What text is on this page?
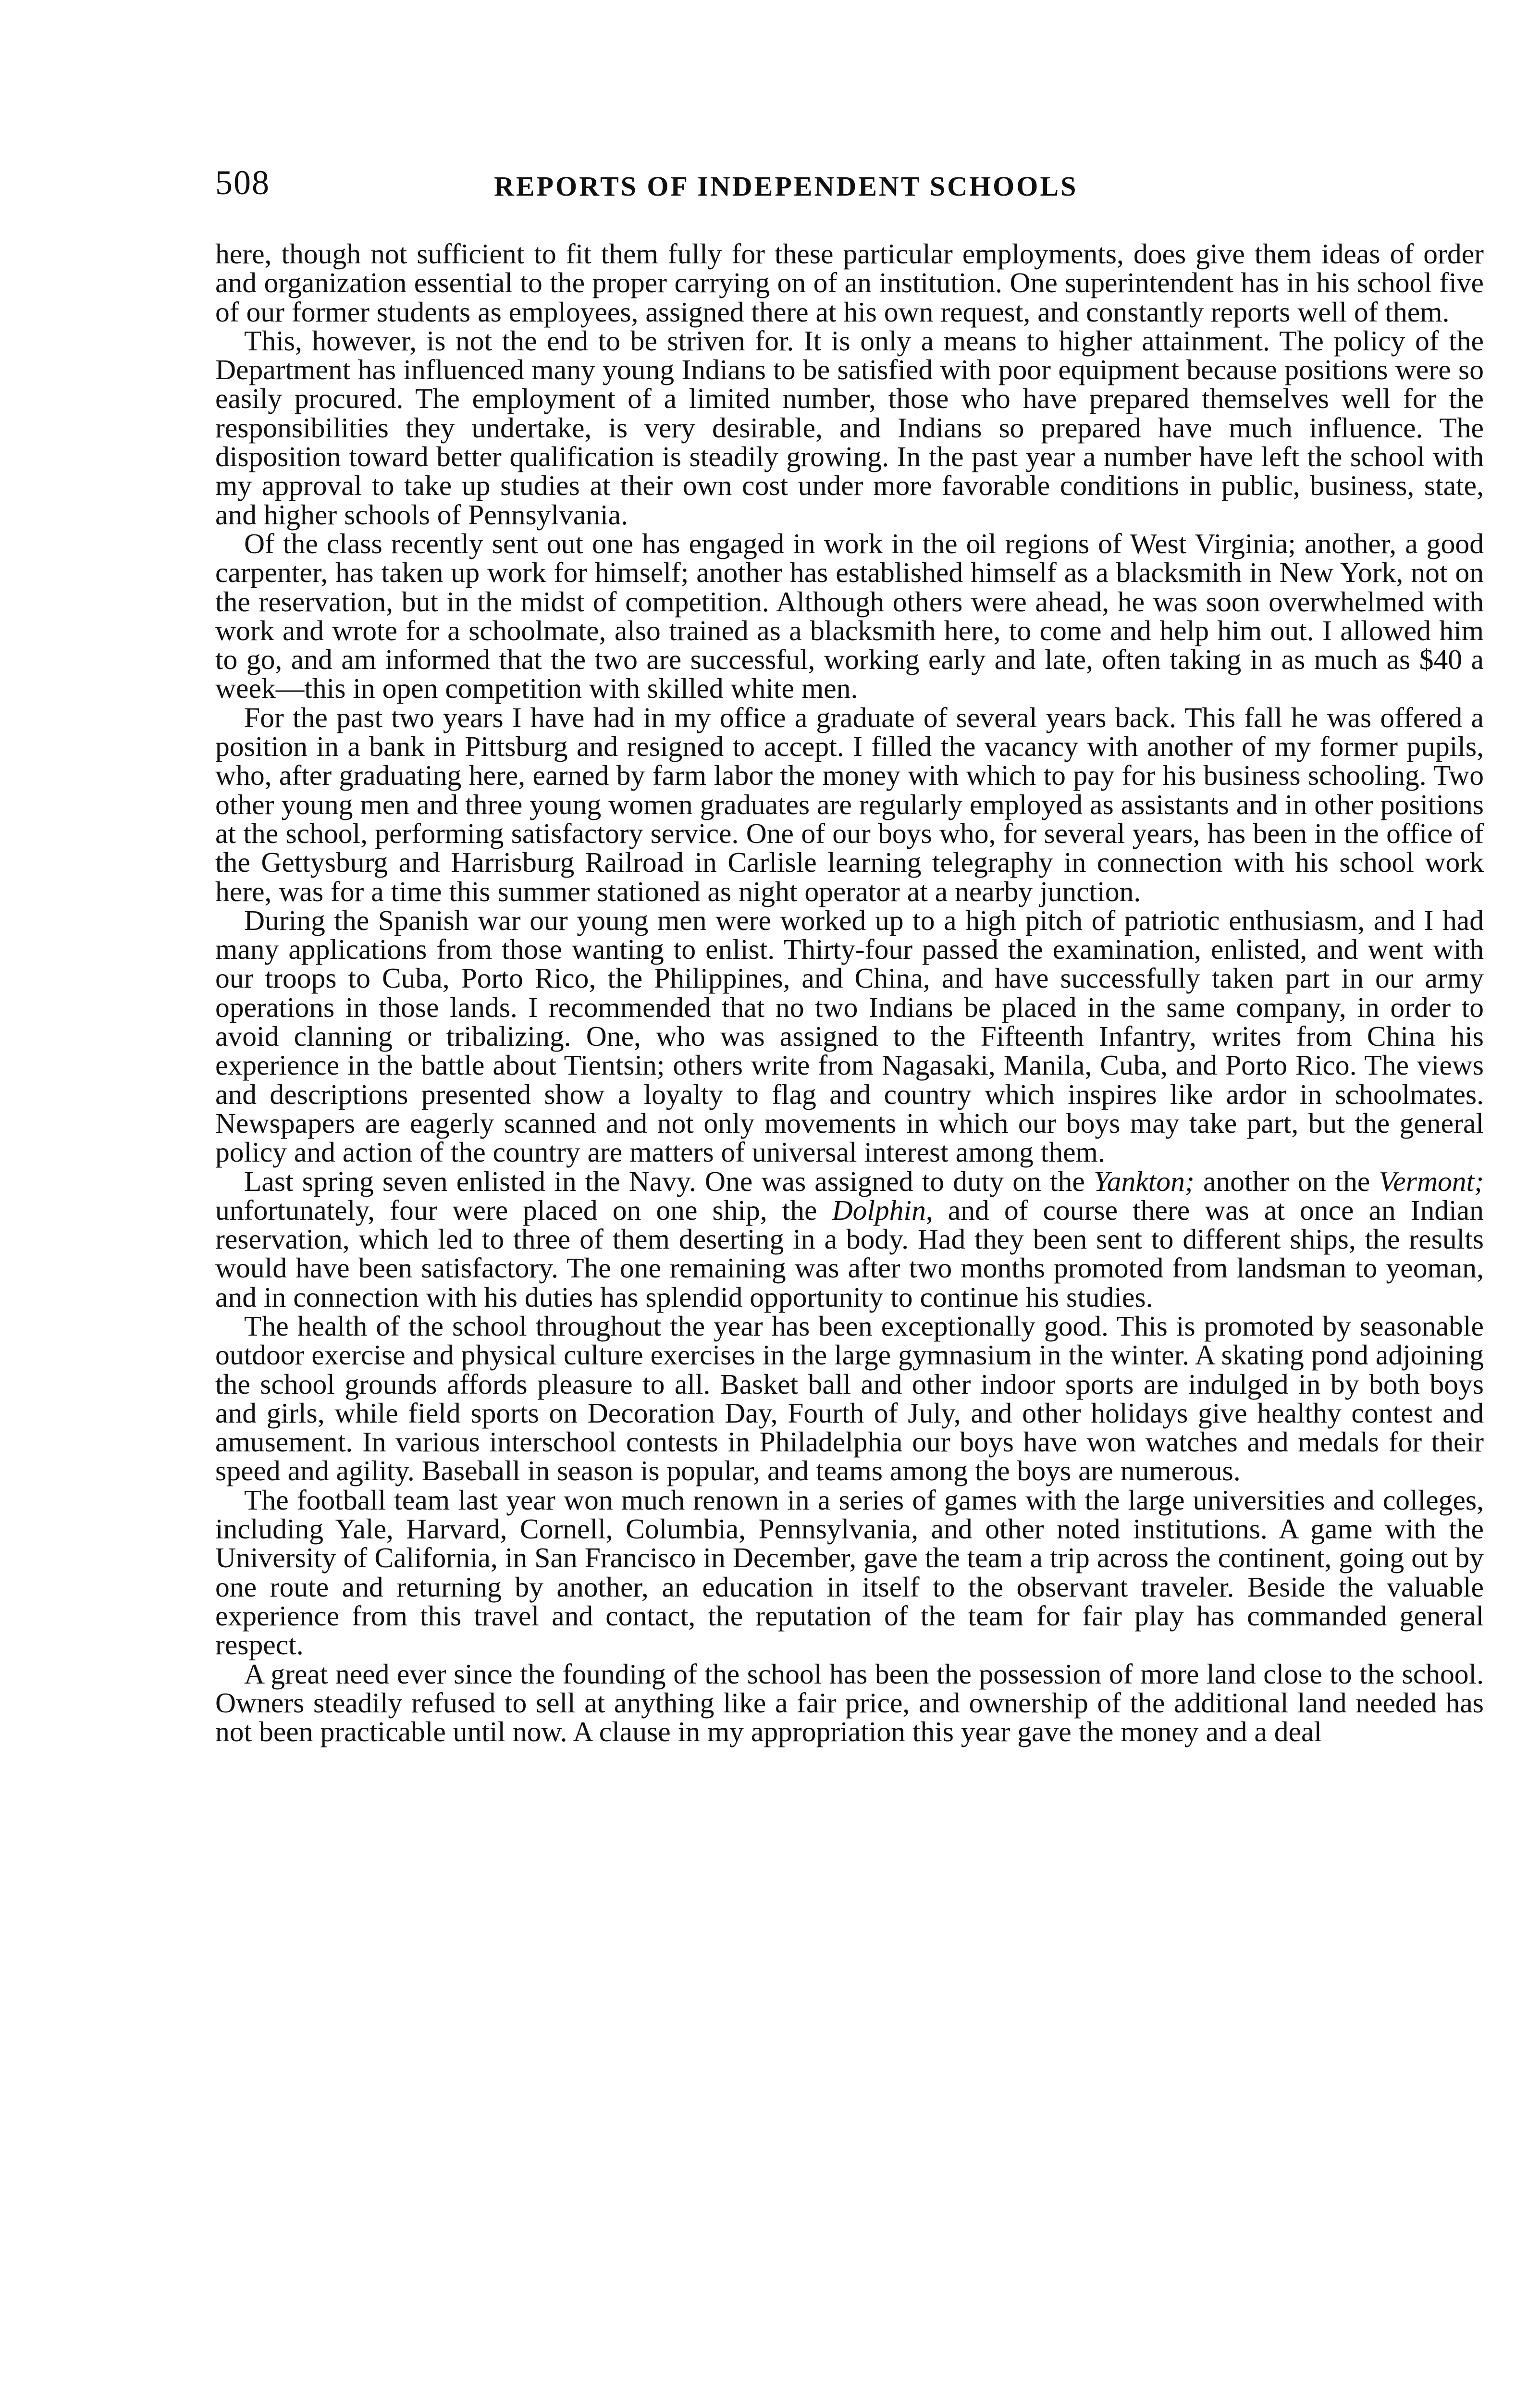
508	REPORTS OF INDEPENDENT SCHOOLS

here, though not sufficient to fit them fully for these particular employments, does give them ideas of order and organization essential to the proper carrying on of an institution. One superintendent has in his school five of our former students as employees, assigned there at his own request, and constantly reports well of them.

This, however, is not the end to be striven for. It is only a means to higher attainment. The policy of the Department has influenced many young Indians to be satisfied with poor equipment because positions were so easily procured. The employment of a limited number, those who have prepared themselves well for the responsibilities they undertake, is very desirable, and Indians so prepared have much influence. The disposition toward better qualification is steadily growing. In the past year a number have left the school with my approval to take up studies at their own cost under more favorable conditions in public, business, state, and higher schools of Pennsylvania.

Of the class recently sent out one has engaged in work in the oil regions of West Virginia; another, a good carpenter, has taken up work for himself; another has established himself as a blacksmith in New York, not on the reservation, but in the midst of competition. Although others were ahead, he was soon overwhelmed with work and wrote for a schoolmate, also trained as a blacksmith here, to come and help him out. I allowed him to go, and am informed that the two are successful, working early and late, often taking in as much as $40 a week—this in open competition with skilled white men.

For the past two years I have had in my office a graduate of several years back. This fall he was offered a position in a bank in Pittsburg and resigned to accept. I filled the vacancy with another of my former pupils, who, after graduating here, earned by farm labor the money with which to pay for his business schooling. Two other young men and three young women graduates are regularly employed as assistants and in other positions at the school, performing satisfactory service. One of our boys who, for several years, has been in the office of the Gettysburg and Harrisburg Railroad in Carlisle learning telegraphy in connection with his school work here, was for a time this summer stationed as night operator at a nearby junction.

During the Spanish war our young men were worked up to a high pitch of patriotic enthusiasm, and I had many applications from those wanting to enlist. Thirty-four passed the examination, enlisted, and went with our troops to Cuba, Porto Rico, the Philippines, and China, and have successfully taken part in our army operations in those lands. I recommended that no two Indians be placed in the same company, in order to avoid clanning or tribalizing. One, who was assigned to the Fifteenth Infantry, writes from China his experience in the battle about Tientsin; others write from Nagasaki, Manila, Cuba, and Porto Rico. The views and descriptions presented show a loyalty to flag and country which inspires like ardor in schoolmates. Newspapers are eagerly scanned and not only movements in which our boys may take part, but the general policy and action of the country are matters of universal interest among them.

Last spring seven enlisted in the Navy. One was assigned to duty on the Yankton; another on the Vermont; unfortunately, four were placed on one ship, the Dolphin, and of course there was at once an Indian reservation, which led to three of them deserting in a body. Had they been sent to different ships, the results would have been satisfactory. The one remaining was after two months promoted from landsman to yeoman, and in connection with his duties has splendid opportunity to continue his studies.

The health of the school throughout the year has been exceptionally good. This is promoted by seasonable outdoor exercise and physical culture exercises in the large gymnasium in the winter. A skating pond adjoining the school grounds affords pleasure to all. Basket ball and other indoor sports are indulged in by both boys and girls, while field sports on Decoration Day, Fourth of July, and other holidays give healthy contest and amusement. In various interschool contests in Philadelphia our boys have won watches and medals for their speed and agility. Baseball in season is popular, and teams among the boys are numerous.

The football team last year won much renown in a series of games with the large universities and colleges, including Yale, Harvard, Cornell, Columbia, Pennsylvania, and other noted institutions. A game with the University of California, in San Francisco in December, gave the team a trip across the continent, going out by one route and returning by another, an education in itself to the observant traveler. Beside the valuable experience from this travel and contact, the reputation of the team for fair play has commanded general respect.

A great need ever since the founding of the school has been the possession of more land close to the school. Owners steadily refused to sell at anything like a fair price, and ownership of the additional land needed has not been practicable until now. A clause in my appropriation this year gave the money and a deal
